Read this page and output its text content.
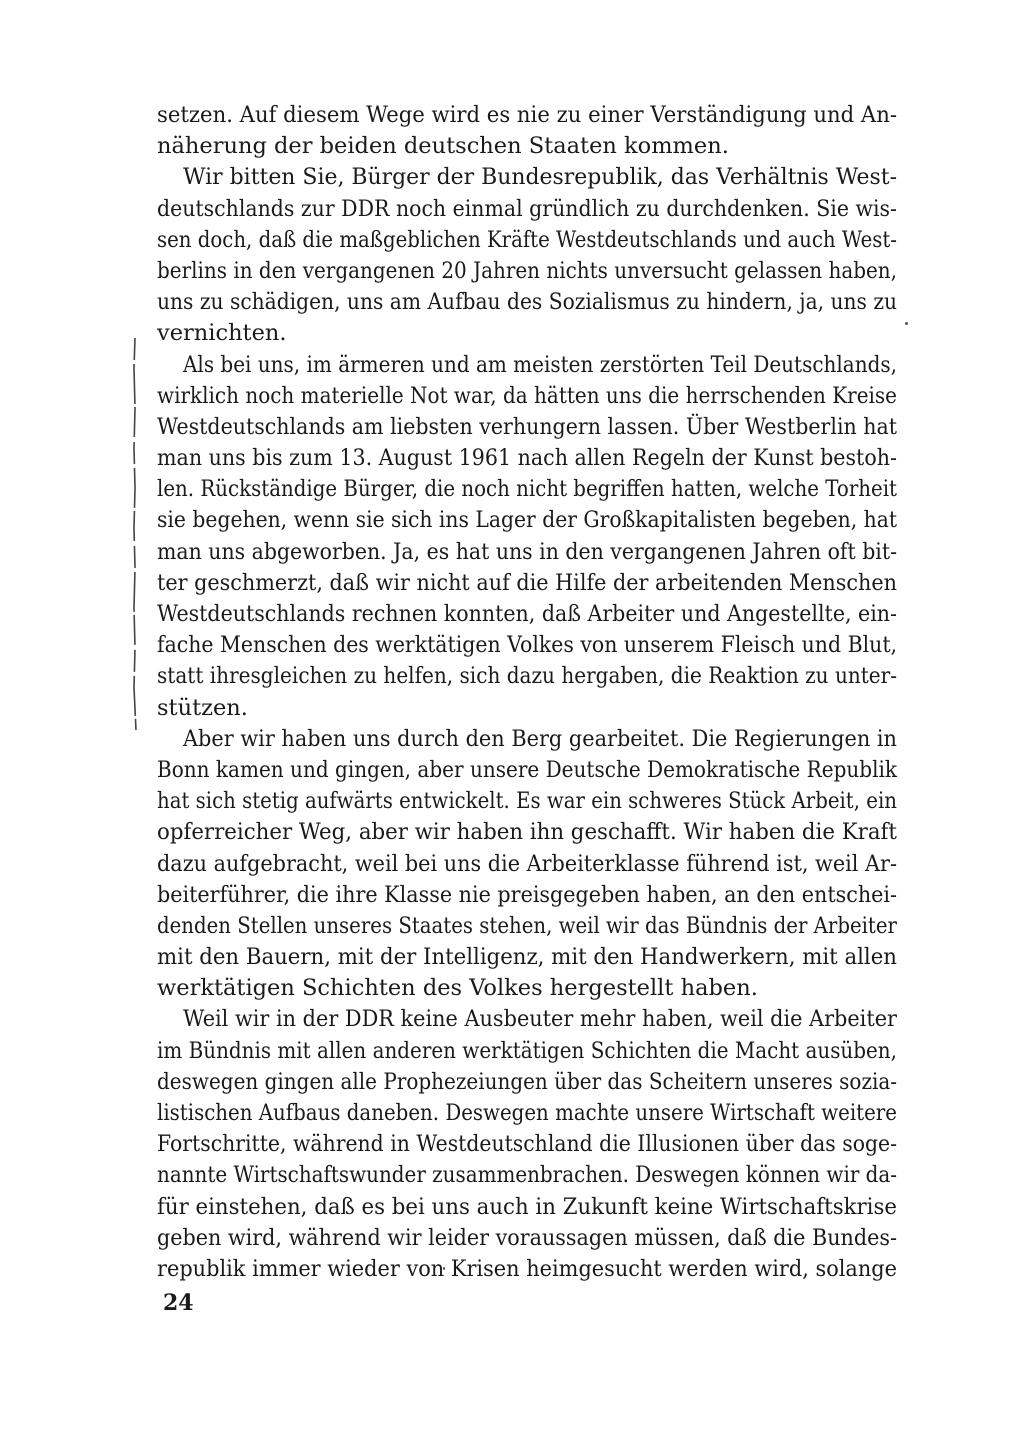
setzen. Auf diesem Wege wird es nie zu einer Verständigung und An-
näherung der beiden deutschen Staaten kommen.
Wir bitten Sie, Bürger der Bundesrepublik, das Verhältnis West-
deutschlands zur DDR noch einmal gründlich zu durchdenken. Sie wis-
sen doch, daß die maßgeblichen Kräfte Westdeutschlands und auch West-
berlins in den vergangenen 20 Jahren nichts unversucht gelassen haben,
uns zu schädigen, uns am Aufbau des Sozialismus zu hindern, ja, uns zu
vernichten.
Als bei uns, im ärmeren und am meisten zerstörten Teil Deutschlands,
wirklich noch materielle Not war, da hätten uns die herrschenden Kreise
Westdeutschlands am liebsten verhungern lassen. Über Westberlin hat
man uns bis zum 13. August 1961 nach allen Regeln der Kunst bestoh-
len. Rückständige Bürger, die noch nicht begriffen hatten, welche Torheit
sie begehen, wenn sie sich ins Lager der Großkapitalisten begeben, hat
man uns abgeworben. Ja, es hat uns in den vergangenen Jahren oft bit-
ter geschmerzt, daß wir nicht auf die Hilfe der arbeitenden Menschen
Westdeutschlands rechnen konnten, daß Arbeiter und Angestellte, ein-
fache Menschen des werktätigen Volkes von unserem Fleisch und Blut,
statt ihresgleichen zu helfen, sich dazu hergaben, die Reaktion zu unter-
stützen.
Aber wir haben uns durch den Berg gearbeitet. Die Regierungen in
Bonn kamen und gingen, aber unsere Deutsche Demokratische Republik
hat sich stetig aufwärts entwickelt. Es war ein schweres Stück Arbeit, ein
opferreicher Weg, aber wir haben ihn geschafft. Wir haben die Kraft
dazu aufgebracht, weil bei uns die Arbeiterklasse führend ist, weil Ar-
beiterführer, die ihre Klasse nie preisgegeben haben, an den entschei-
denden Stellen unseres Staates stehen, weil wir das Bündnis der Arbeiter
mit den Bauern, mit der Intelligenz, mit den Handwerkern, mit allen
werktätigen Schichten des Volkes hergestellt haben.
Weil wir in der DDR keine Ausbeuter mehr haben, weil die Arbeiter
im Bündnis mit allen anderen werktätigen Schichten die Macht ausüben,
deswegen gingen alle Prophezeiungen über das Scheitern unseres sozia-
listischen Aufbaus daneben. Deswegen machte unsere Wirtschaft weitere
Fortschritte, während in Westdeutschland die Illusionen über das soge-
nannte Wirtschaftswunder zusammenbrachen. Deswegen können wir da-
für einstehen, daß es bei uns auch in Zukunft keine Wirtschaftskrise
geben wird, während wir leider voraussagen müssen, daß die Bundes-
republik immer wieder von Krisen heimgesucht werden wird, solange
24
